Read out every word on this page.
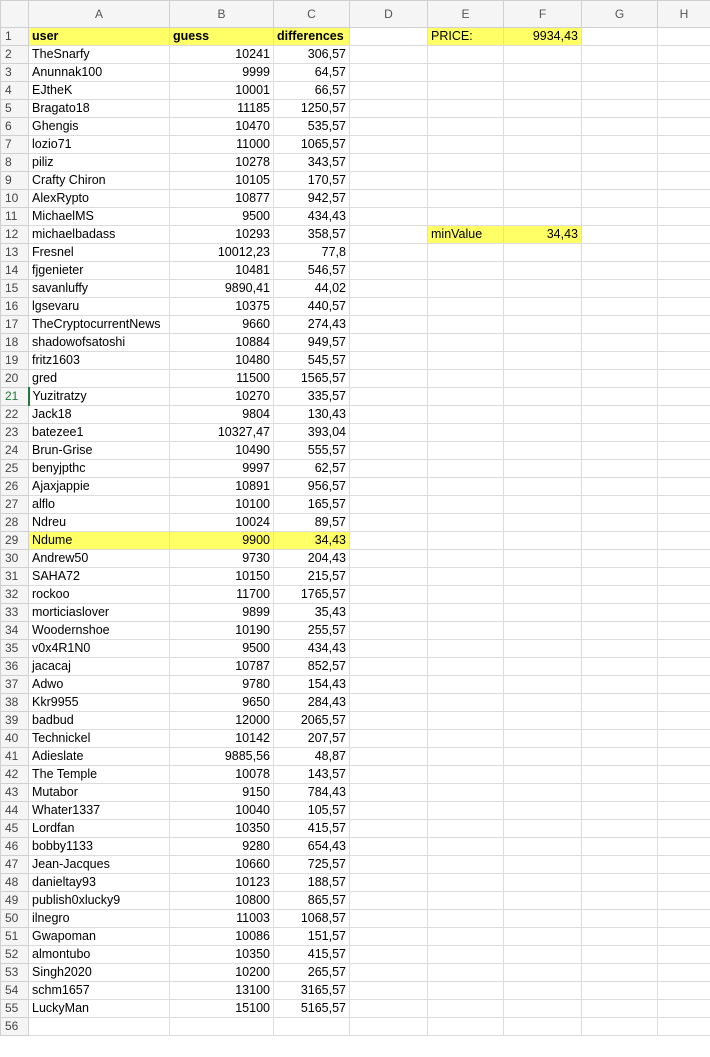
	A	B	C	D	E	F	G	H
1	user	guess	differences		PRICE:	9934,43		
2	TheSnarfy	10241	306,57					
3	Anunnak100	9999	64,57					
4	EJtheK	10001	66,57					
5	Bragato18	11185	1250,57					
6	Ghengis	10470	535,57					
7	lozio71	11000	1065,57					
8	piliz	10278	343,57					
9	Crafty Chiron	10105	170,57					
10	AlexRypto	10877	942,57					
11	MichaelMS	9500	434,43					
12	michaelbadass	10293	358,57		minValue	34,43		
13	Fresnel	10012,23	77,8					
14	fjgenieter	10481	546,57					
15	savanluffy	9890,41	44,02					
16	lgsevaru	10375	440,57					
17	TheCryptocurrentNews	9660	274,43					
18	shadowofsatoshi	10884	949,57					
19	fritz1603	10480	545,57					
20	gred	11500	1565,57					
21	Yuzitratzy	10270	335,57					
22	Jack18	9804	130,43					
23	batezee1	10327,47	393,04					
24	Brun-Grise	10490	555,57					
25	benyjpthc	9997	62,57					
26	Ajaxjappie	10891	956,57					
27	alflo	10100	165,57					
28	Ndreu	10024	89,57					
29	Ndume	9900	34,43					
30	Andrew50	9730	204,43					
31	SAHA72	10150	215,57					
32	rockoo	11700	1765,57					
33	morticiaslover	9899	35,43					
34	Woodernshoe	10190	255,57					
35	v0x4R1N0	9500	434,43					
36	jacacaj	10787	852,57					
37	Adwo	9780	154,43					
38	Kkr9955	9650	284,43					
39	badbud	12000	2065,57					
40	Technickel	10142	207,57					
41	Adieslate	9885,56	48,87					
42	The Temple	10078	143,57					
43	Mutabor	9150	784,43					
44	Whater1337	10040	105,57					
45	Lordfan	10350	415,57					
46	bobby1133	9280	654,43					
47	Jean-Jacques	10660	725,57					
48	danieltay93	10123	188,57					
49	publish0xlucky9	10800	865,57					
50	ilnegro	11003	1068,57					
51	Gwapoman	10086	151,57					
52	almontubo	10350	415,57					
53	Singh2020	10200	265,57					
54	schm1657	13100	3165,57					
55	LuckyMan	15100	5165,57					
56								
